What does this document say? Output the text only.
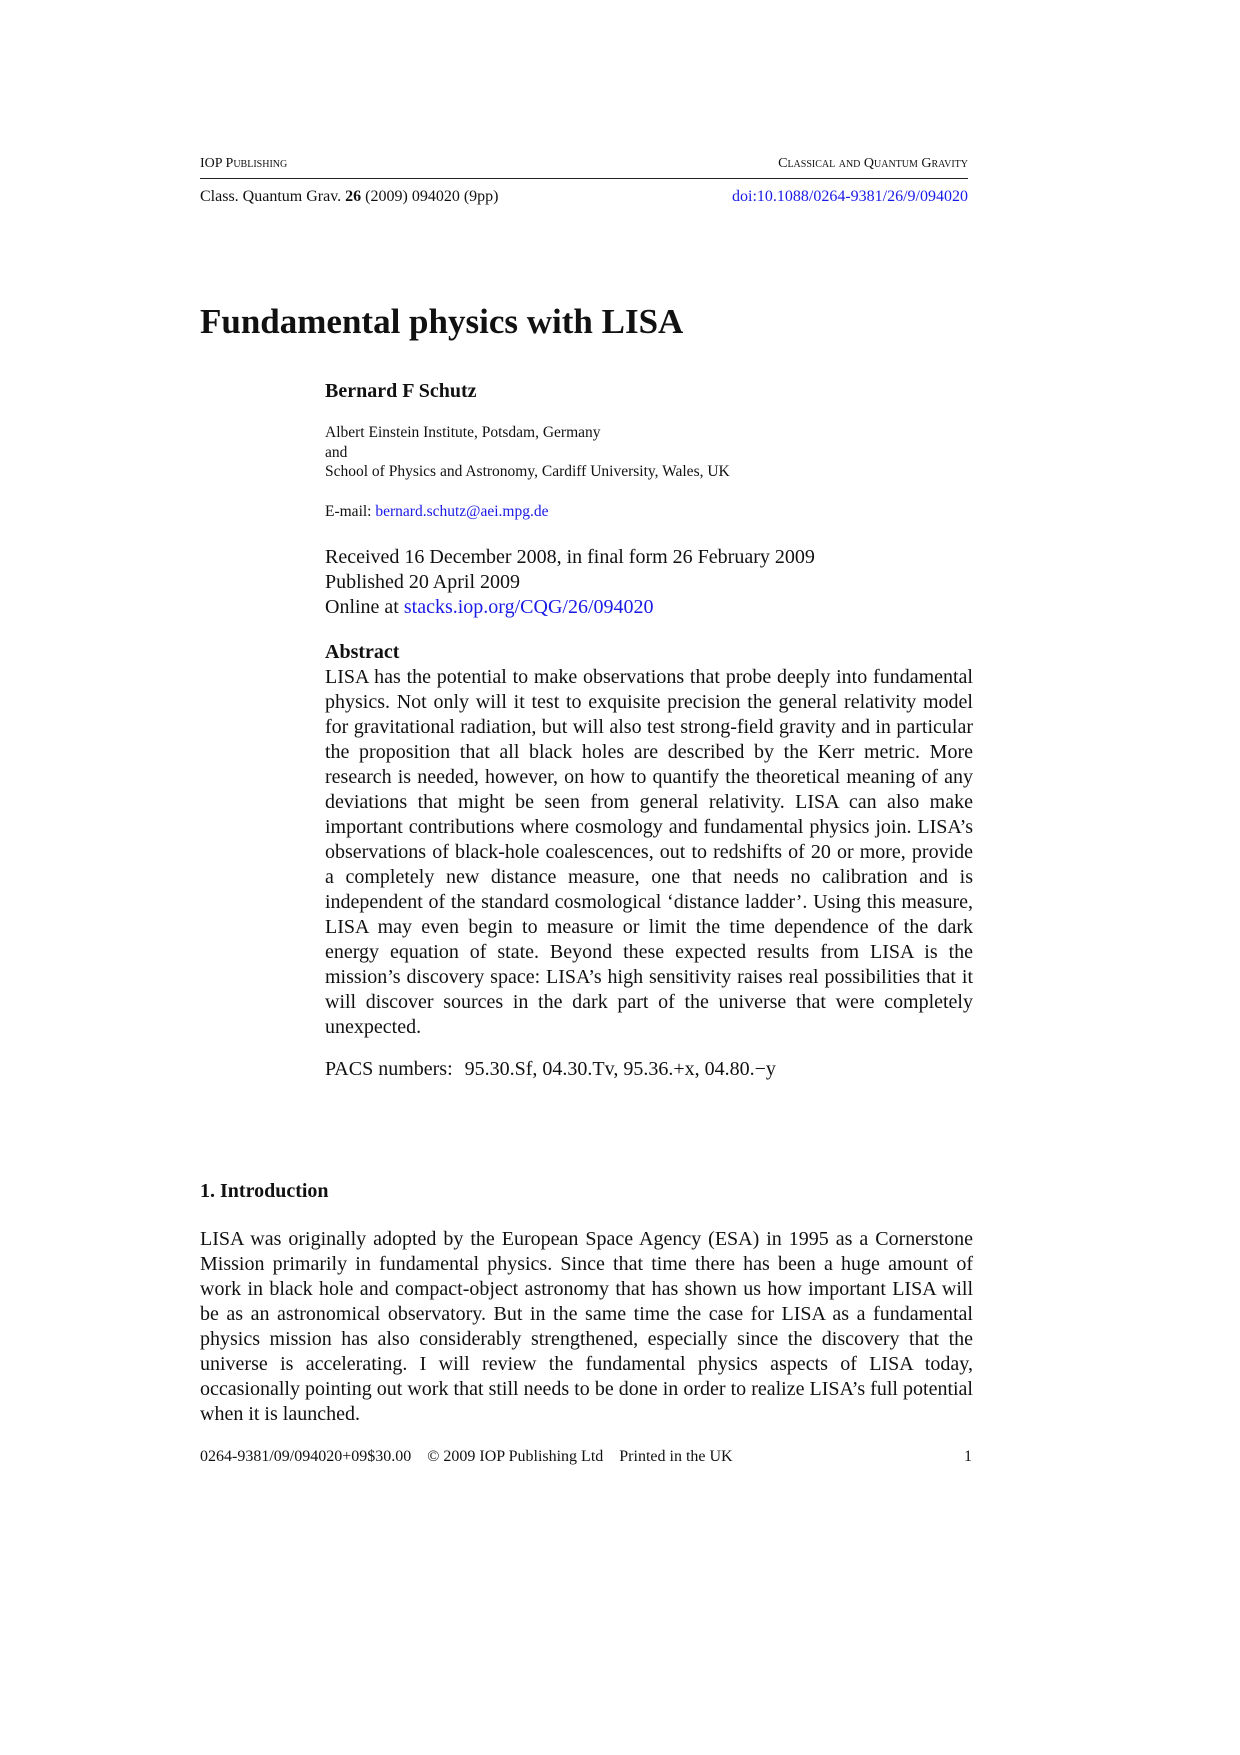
IOP Publishing	Classical and Quantum Gravity
Class. Quantum Grav. 26 (2009) 094020 (9pp)	doi:10.1088/0264-9381/26/9/094020
Fundamental physics with LISA
Bernard F Schutz
Albert Einstein Institute, Potsdam, Germany
and
School of Physics and Astronomy, Cardiff University, Wales, UK
E-mail: bernard.schutz@aei.mpg.de
Received 16 December 2008, in final form 26 February 2009
Published 20 April 2009
Online at stacks.iop.org/CQG/26/094020
Abstract
LISA has the potential to make observations that probe deeply into fundamental physics. Not only will it test to exquisite precision the general relativity model for gravitational radiation, but will also test strong-field gravity and in particular the proposition that all black holes are described by the Kerr metric. More research is needed, however, on how to quantify the theoretical meaning of any deviations that might be seen from general relativity. LISA can also make important contributions where cosmology and fundamental physics join. LISA’s observations of black-hole coalescences, out to redshifts of 20 or more, provide a completely new distance measure, one that needs no calibration and is independent of the standard cosmological ‘distance ladder’. Using this measure, LISA may even begin to measure or limit the time dependence of the dark energy equation of state. Beyond these expected results from LISA is the mission’s discovery space: LISA’s high sensitivity raises real possibilities that it will discover sources in the dark part of the universe that were completely unexpected.
PACS numbers: 95.30.Sf, 04.30.Tv, 95.36.+x, 04.80.−y
1. Introduction
LISA was originally adopted by the European Space Agency (ESA) in 1995 as a Cornerstone Mission primarily in fundamental physics. Since that time there has been a huge amount of work in black hole and compact-object astronomy that has shown us how important LISA will be as an astronomical observatory. But in the same time the case for LISA as a fundamental physics mission has also considerably strengthened, especially since the discovery that the universe is accelerating. I will review the fundamental physics aspects of LISA today, occasionally pointing out work that still needs to be done in order to realize LISA’s full potential when it is launched.
0264-9381/09/094020+09$30.00 © 2009 IOP Publishing Ltd Printed in the UK	1
